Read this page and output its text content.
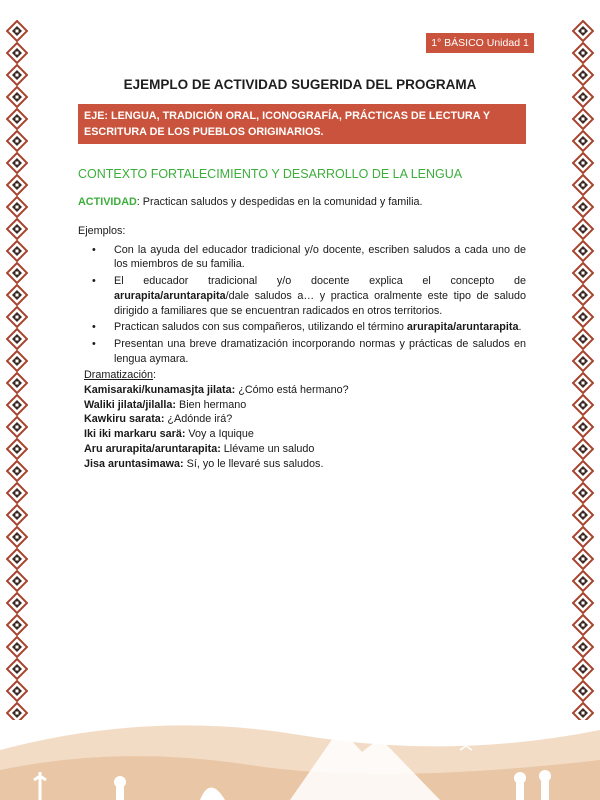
1° BÁSICO Unidad 1
EJEMPLO DE ACTIVIDAD SUGERIDA DEL PROGRAMA
EJE: LENGUA, TRADICIÓN ORAL, ICONOGRAFÍA, PRÁCTICAS DE LECTURA Y ESCRITURA DE LOS PUEBLOS ORIGINARIOS.
CONTEXTO FORTALECIMIENTO Y DESARROLLO DE LA LENGUA
ACTIVIDAD: Practican saludos y despedidas en la comunidad y familia.
Ejemplos:
• Con la ayuda del educador tradicional y/o docente, escriben saludos a cada uno de los miembros de su familia.
• El educador tradicional y/o docente explica el concepto de arurapita/aruntarapita/dale saludos a… y practica oralmente este tipo de saludo dirigido a familiares que se encuentran radicados en otros territorios.
• Practican saludos con sus compañeros, utilizando el término arurapita/aruntarapita.
• Presentan una breve dramatización incorporando normas y prácticas de saludos en lengua aymara.
Dramatización:
Kamisaraki/kunamasjta jilata: ¿Cómo está hermano?
Waliki jilata/jilalla: Bien hermano
Kawkiru sarata: ¿Adónde irá?
Iki iki markaru sarä: Voy a Iquique
Aru arurapita/aruntarapita: Llévame un saludo
Jisa aruntasimawa: Sí, yo le llevaré sus saludos.
